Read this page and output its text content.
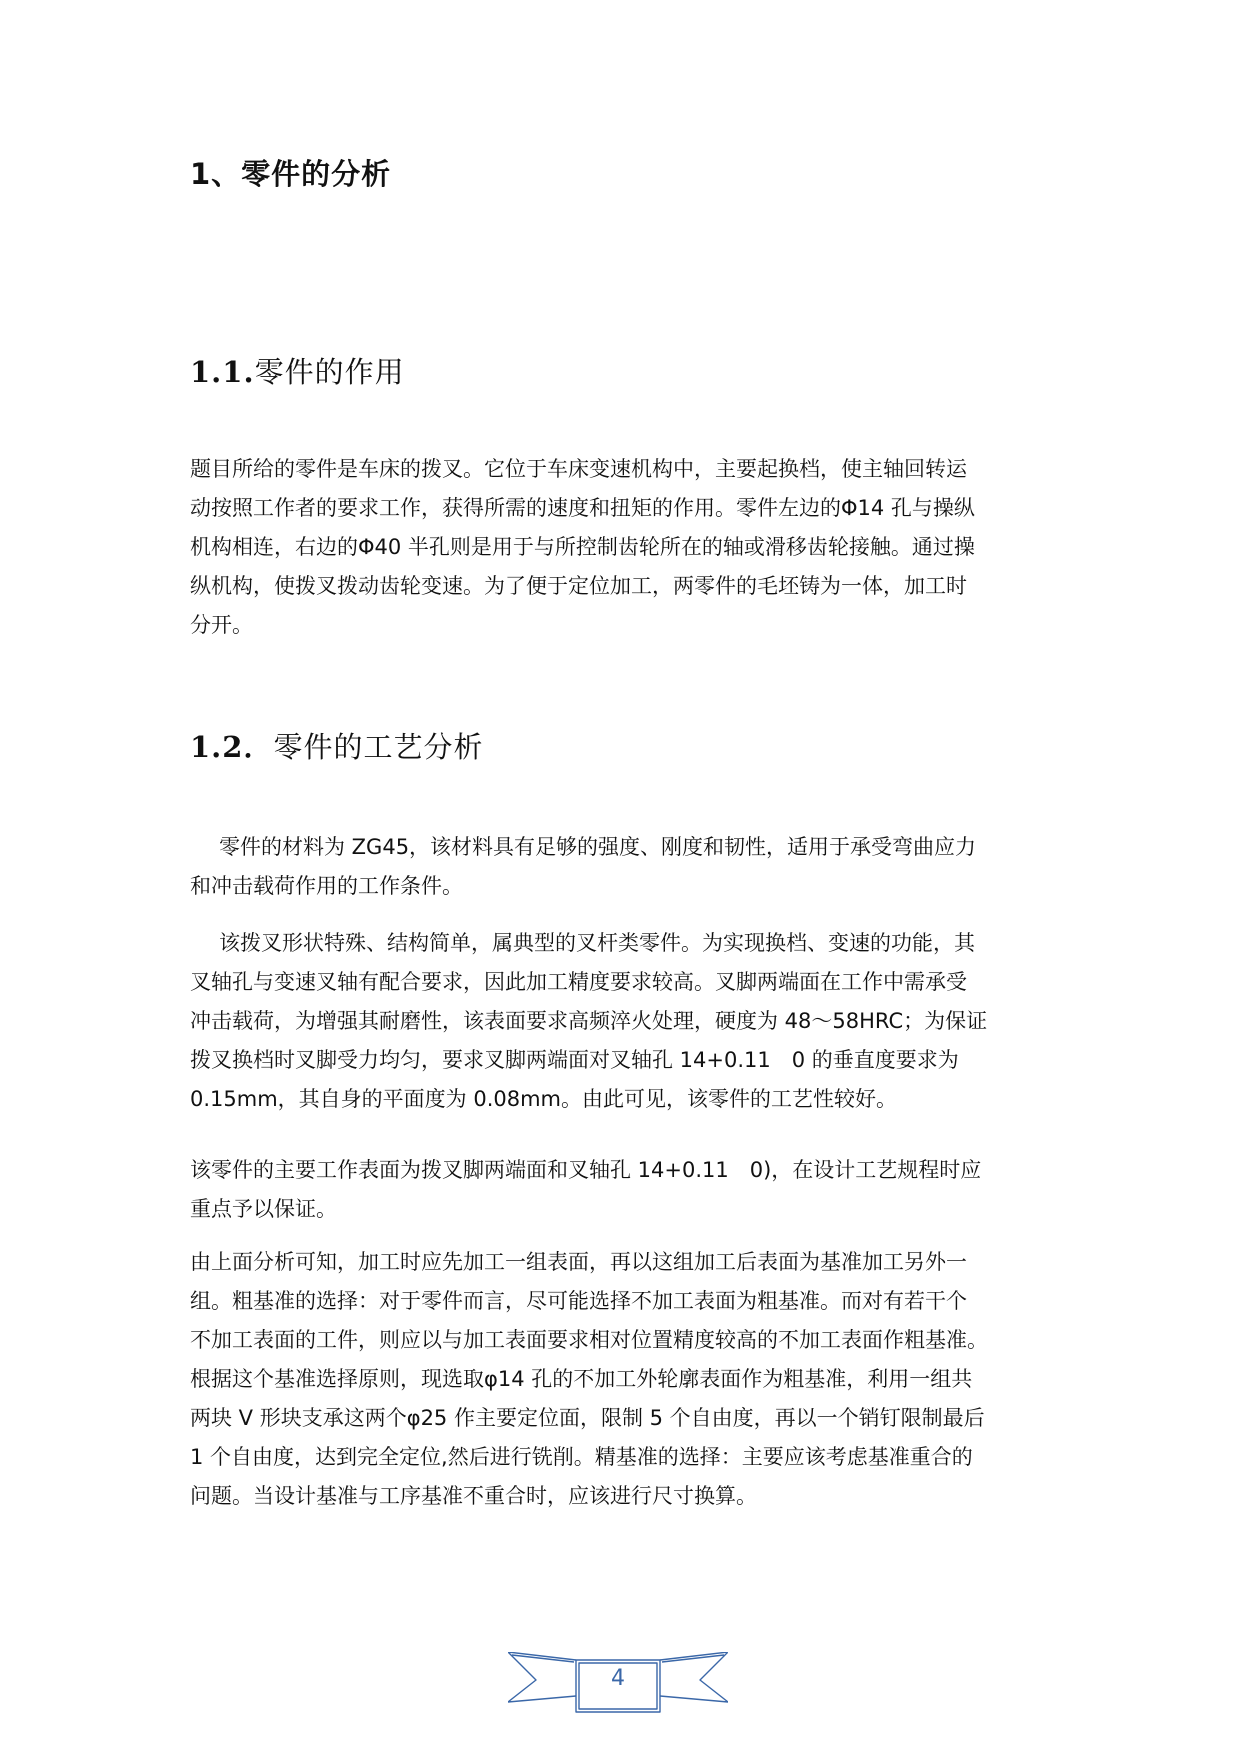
1、零件的分析
1.1.零件的作用
题目所给的零件是车床的拨叉。它位于车床变速机构中，主要起换档，使主轴回转运
动按照工作者的要求工作，获得所需的速度和扭矩的作用。零件左边的Φ14 孔与操纵
机构相连，右边的Φ40 半孔则是用于与所控制齿轮所在的轴或滑移齿轮接触。通过操
纵机构，使拨叉拨动齿轮变速。为了便于定位加工，两零件的毛坯铸为一体，加工时
分开。
1.2．零件的工艺分析
零件的材料为 ZG45，该材料具有足够的强度、刚度和韧性，适用于承受弯曲应力
和冲击载荷作用的工作条件。
该拨叉形状特殊、结构简单，属典型的叉杆类零件。为实现换档、变速的功能，其
叉轴孔与变速叉轴有配合要求，因此加工精度要求较高。叉脚两端面在工作中需承受
冲击载荷，为增强其耐磨性，该表面要求高频淬火处理，硬度为 48～58HRC；为保证
拨叉换档时叉脚受力均匀，要求叉脚两端面对叉轴孔 14+0.11　0 的垂直度要求为
0.15mm，其自身的平面度为 0.08mm。由此可见，该零件的工艺性较好。
该零件的主要工作表面为拨叉脚两端面和叉轴孔 14+0.11　0)，在设计工艺规程时应
重点予以保证。
由上面分析可知，加工时应先加工一组表面，再以这组加工后表面为基准加工另外一
组。粗基准的选择：对于零件而言，尽可能选择不加工表面为粗基准。而对有若干个
不加工表面的工件，则应以与加工表面要求相对位置精度较高的不加工表面作粗基准。
根据这个基准选择原则，现选取φ14 孔的不加工外轮廓表面作为粗基准，利用一组共
两块 V 形块支承这两个φ25 作主要定位面，限制 5 个自由度，再以一个销钉限制最后
1 个自由度，达到完全定位,然后进行铣削。精基准的选择：主要应该考虑基准重合的
问题。当设计基准与工序基准不重合时，应该进行尺寸换算。
4
